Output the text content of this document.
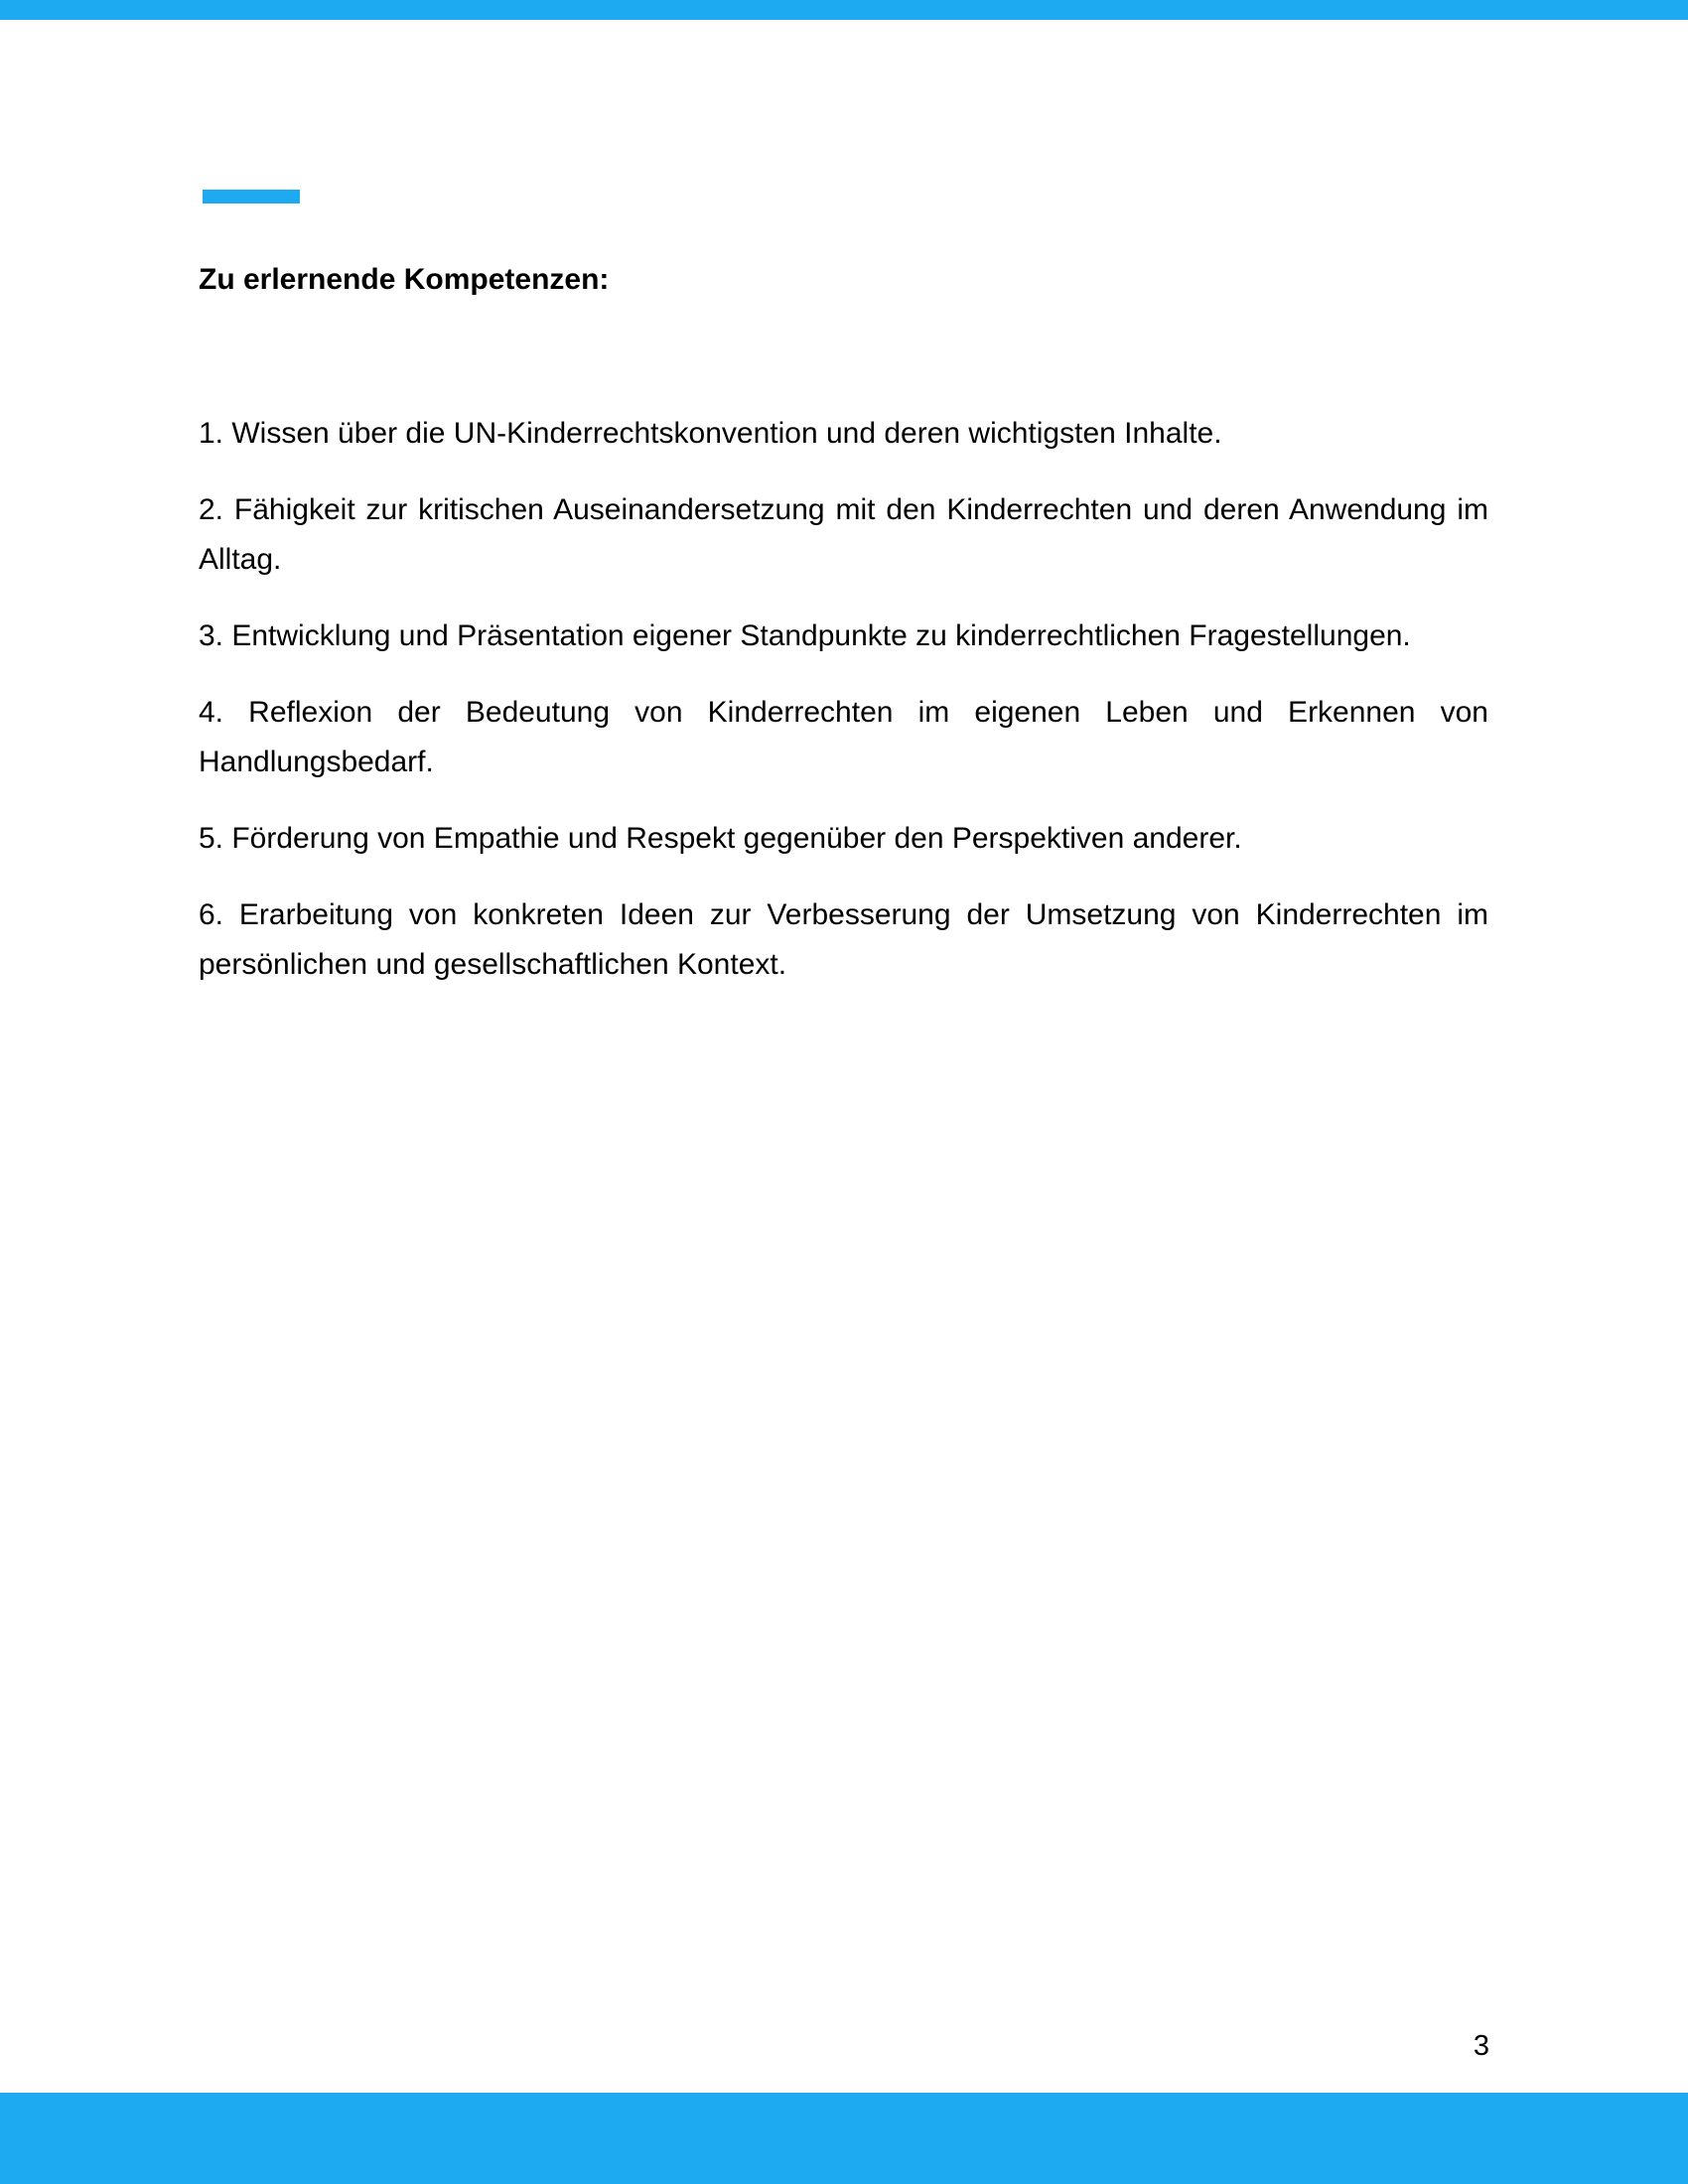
Zu erlernende Kompetenzen:
1. Wissen über die UN-Kinderrechtskonvention und deren wichtigsten Inhalte.
2. Fähigkeit zur kritischen Auseinandersetzung mit den Kinderrechten und deren Anwendung im Alltag.
3. Entwicklung und Präsentation eigener Standpunkte zu kinderrechtlichen Fragestellungen.
4. Reflexion der Bedeutung von Kinderrechten im eigenen Leben und Erkennen von Handlungsbedarf.
5. Förderung von Empathie und Respekt gegenüber den Perspektiven anderer.
6. Erarbeitung von konkreten Ideen zur Verbesserung der Umsetzung von Kinderrechten im persönlichen und gesellschaftlichen Kontext.
3
